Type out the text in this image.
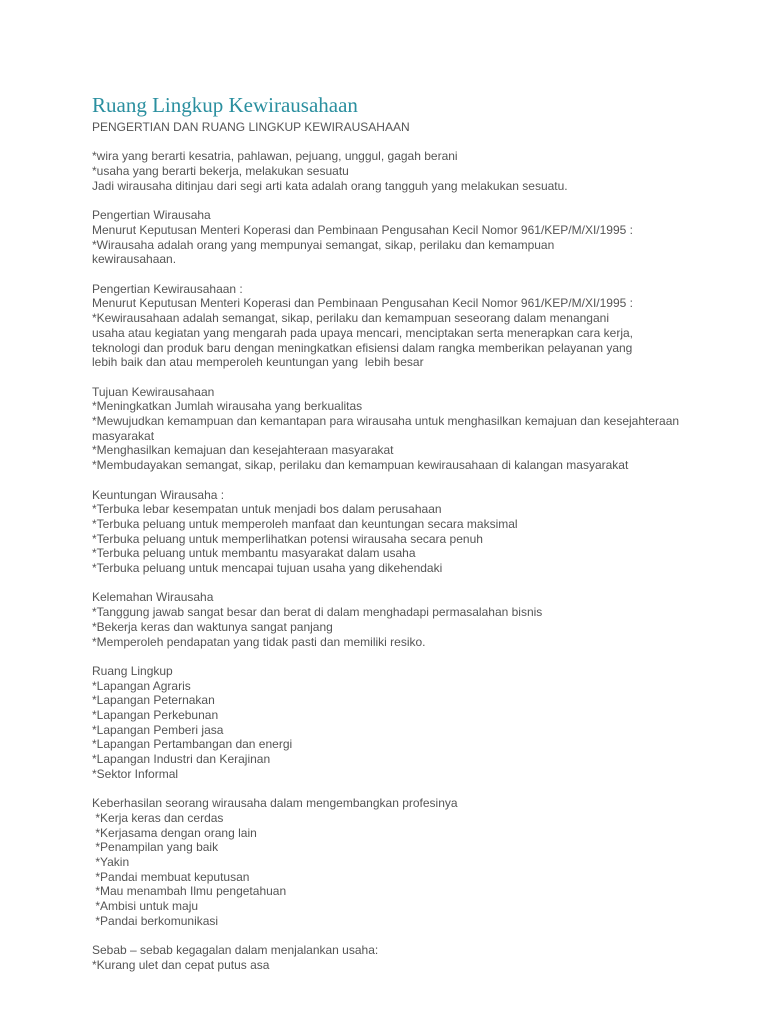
Ruang Lingkup Kewirausahaan
PENGERTIAN DAN RUANG LINGKUP KEWIRAUSAHAAN
*wira yang berarti kesatria, pahlawan, pejuang, unggul, gagah berani
*usaha yang berarti bekerja, melakukan sesuatu
Jadi wirausaha ditinjau dari segi arti kata adalah orang tangguh yang melakukan sesuatu.
Pengertian Wirausaha
Menurut Keputusan Menteri Koperasi dan Pembinaan Pengusahan Kecil Nomor 961/KEP/M/XI/1995 :
*Wirausaha adalah orang yang mempunyai semangat, sikap, perilaku dan kemampuan
kewirausahaan.
Pengertian Kewirausahaan :
Menurut Keputusan Menteri Koperasi dan Pembinaan Pengusahan Kecil Nomor 961/KEP/M/XI/1995 :
*Kewirausahaan adalah semangat, sikap, perilaku dan kemampuan seseorang dalam menangani
usaha atau kegiatan yang mengarah pada upaya mencari, menciptakan serta menerapkan cara kerja,
teknologi dan produk baru dengan meningkatkan efisiensi dalam rangka memberikan pelayanan yang
lebih baik dan atau memperoleh keuntungan yang  lebih besar
Tujuan Kewirausahaan
*Meningkatkan Jumlah wirausaha yang berkualitas
*Mewujudkan kemampuan dan kemantapan para wirausaha untuk menghasilkan kemajuan dan kesejahteraan masyarakat
*Menghasilkan kemajuan dan kesejahteraan masyarakat
*Membudayakan semangat, sikap, perilaku dan kemampuan kewirausahaan di kalangan masyarakat
Keuntungan Wirausaha :
*Terbuka lebar kesempatan untuk menjadi bos dalam perusahaan
*Terbuka peluang untuk memperoleh manfaat dan keuntungan secara maksimal
*Terbuka peluang untuk memperlihatkan potensi wirausaha secara penuh
*Terbuka peluang untuk membantu masyarakat dalam usaha
*Terbuka peluang untuk mencapai tujuan usaha yang dikehendaki
Kelemahan Wirausaha
*Tanggung jawab sangat besar dan berat di dalam menghadapi permasalahan bisnis
*Bekerja keras dan waktunya sangat panjang
*Memperoleh pendapatan yang tidak pasti dan memiliki resiko.
Ruang Lingkup
*Lapangan Agraris
*Lapangan Peternakan
*Lapangan Perkebunan
*Lapangan Pemberi jasa
*Lapangan Pertambangan dan energi
*Lapangan Industri dan Kerajinan
*Sektor Informal
Keberhasilan seorang wirausaha dalam mengembangkan profesinya
*Kerja keras dan cerdas
*Kerjasama dengan orang lain
*Penampilan yang baik
*Yakin
*Pandai membuat keputusan
*Mau menambah Ilmu pengetahuan
*Ambisi untuk maju
*Pandai berkomunikasi
Sebab – sebab kegagalan dalam menjalankan usaha:
*Kurang ulet dan cepat putus asa
